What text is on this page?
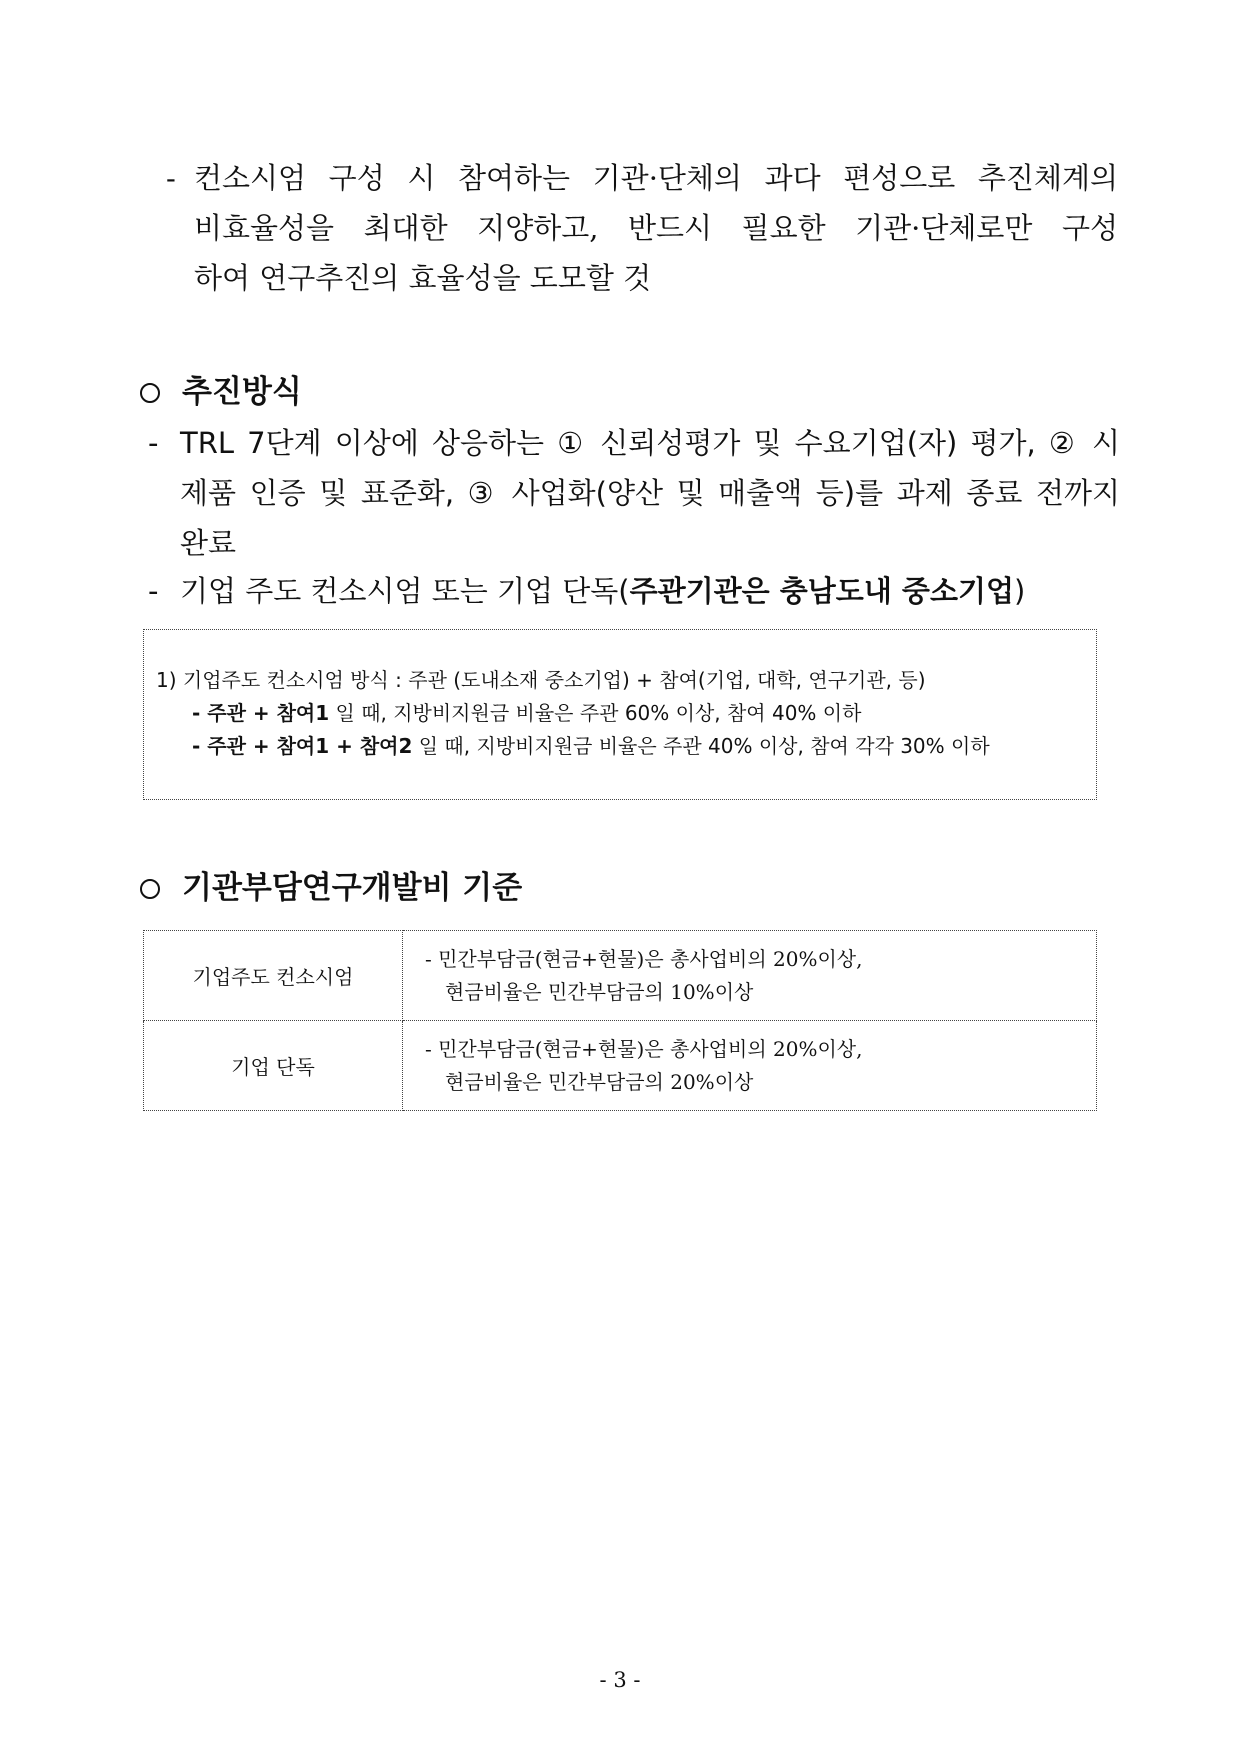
- 컨소시엄 구성 시 참여하는 기관·단체의 과다 편성으로 추진체계의
비효율성을 최대한 지양하고, 반드시 필요한 기관·단체로만 구성
하여 연구추진의 효율성을 도모할 것
추진방식
- TRL 7단계 이상에 상응하는 ① 신뢰성평가 및 수요기업(자) 평가, ② 시
제품 인증 및 표준화, ③ 사업화(양산 및 매출액 등)를 과제 종료 전까지
완료
- 기업 주도 컨소시엄 또는 기업 단독(주관기관은 충남도내 중소기업)
1) 기업주도 컨소시엄 방식 : 주관 (도내소재 중소기업) + 참여(기업, 대학, 연구기관, 등)
- 주관 + 참여1 일 때, 지방비지원금 비율은 주관 60% 이상, 참여 40% 이하
- 주관 + 참여1 + 참여2 일 때, 지방비지원금 비율은 주관 40% 이상, 참여 각각 30% 이하
기관부담연구개발비 기준
기업주도 컨소시엄	- 민간부담금(현금+현물)은 총사업비의 20%이상,
현금비율은 민간부담금의 10%이상

기업 단독	- 민간부담금(현금+현물)은 총사업비의 20%이상,
현금비율은 민간부담금의 20%이상
- 3 -
